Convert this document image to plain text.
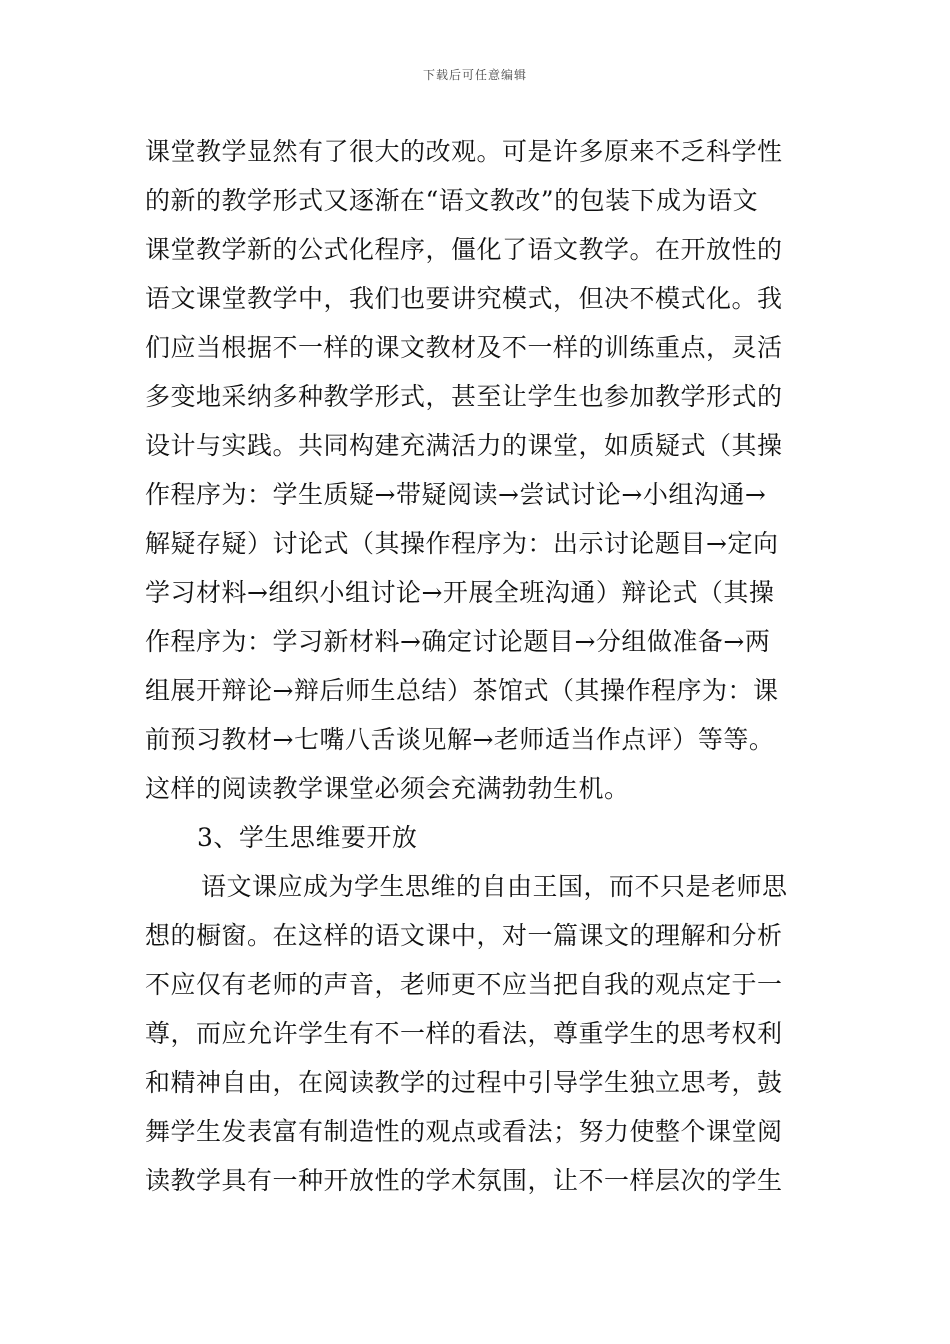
下载后可任意编辑
课堂教学显然有了很大的改观。可是许多原来不乏科学性
的新的教学形式又逐渐在“语文教改”的包装下成为语文
课堂教学新的公式化程序，僵化了语文教学。在开放性的
语文课堂教学中，我们也要讲究模式，但决不模式化。我
们应当根据不一样的课文教材及不一样的训练重点，灵活
多变地采纳多种教学形式，甚至让学生也参加教学形式的
设计与实践。共同构建充满活力的课堂，如质疑式（其操
作程序为：学生质疑→带疑阅读→尝试讨论→小组沟通→
解疑存疑）讨论式（其操作程序为：出示讨论题目→定向
学习材料→组织小组讨论→开展全班沟通）辩论式（其操
作程序为：学习新材料→确定讨论题目→分组做准备→两
组展开辩论→辩后师生总结）茶馆式（其操作程序为：课
前预习教材→七嘴八舌谈见解→老师适当作点评）等等。
这样的阅读教学课堂必须会充满勃勃生机。
3、学生思维要开放
语文课应成为学生思维的自由王国，而不只是老师思
想的橱窗。在这样的语文课中，对一篇课文的理解和分析
不应仅有老师的声音，老师更不应当把自我的观点定于一
尊，而应允许学生有不一样的看法，尊重学生的思考权利
和精神自由，在阅读教学的过程中引导学生独立思考，鼓
舞学生发表富有制造性的观点或看法；努力使整个课堂阅
读教学具有一种开放性的学术氛围，让不一样层次的学生
